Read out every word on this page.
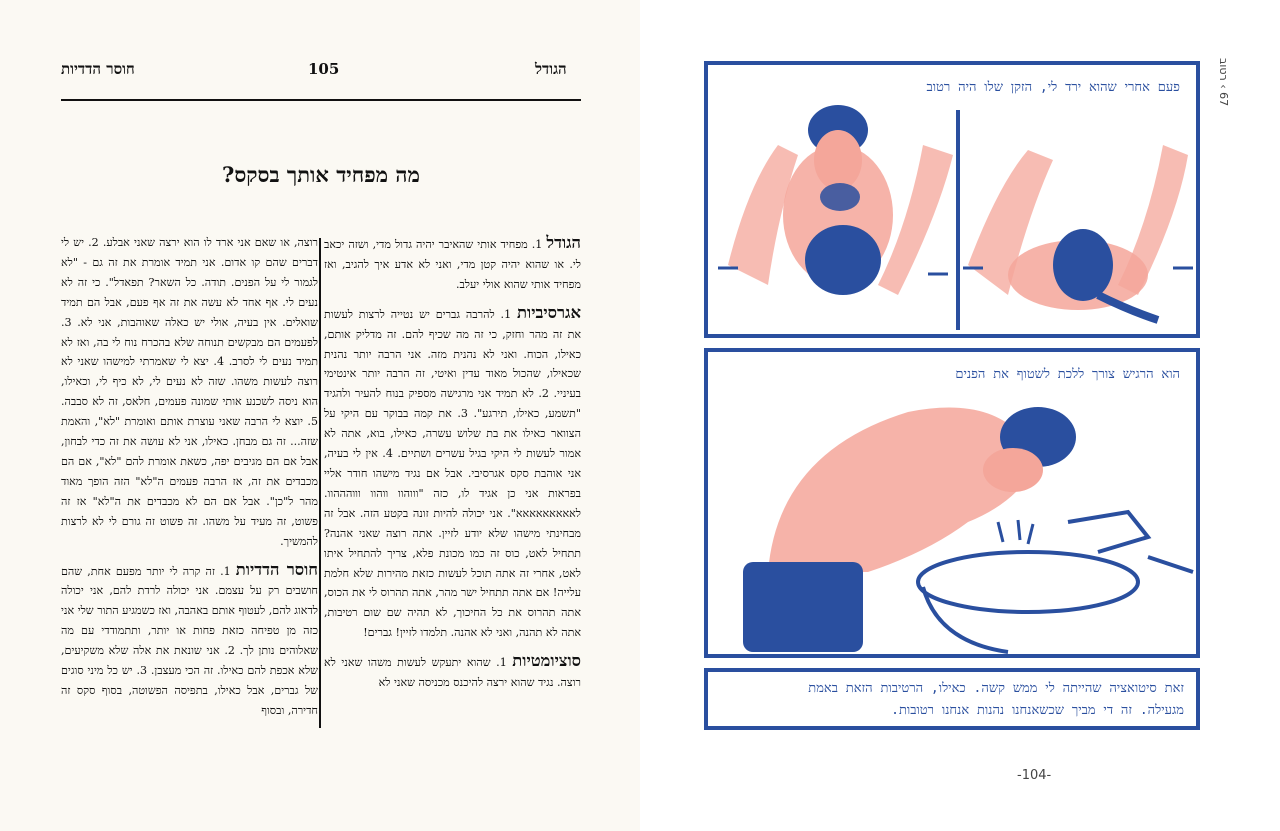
חוסר הדדיות	105	הגודל
מה מפחיד אותך בסקס?

הגודל 1. מפחיד אותי שהאיבר יהיה גדול מדי, ושזה יכאב לי. או שהוא יהיה קטן מדי, ואני לא אדע איך להגיב, ואז מפחיד אותי שהוא אולי יעלב.

אגרסיביות 1. להרבה גברים יש נטייה לרצות לעשות את זה מהר וחזק, כי זה מה שכיף להם. זה מדליק אותם, כאילו, הכוח. ואני לא נהנית מזה. אני הרבה יותר נהנית שכאילו, שהכול מאוד עדין ואיטי, זה הרבה יותר אינטימי בעיניי. 2. לא תמיד אני מרגישה מספיק בנוח להעיר ולהגיד "תשמע, כאילו, תירגע". 3. את קמה בבוקר עם היקי על הצוואר כאילו את בת שלוש עשרה, כאילו, בוא, אתה לא אמור לעשות לי היקי בגיל עשרים ושתיים. 4. אין לי בעיה, אני אוהבת סקס אגרסיבי. אבל אם נגיד מישהו חודר אליי בפראות אני כן אגיד לו, כזה "וווהוו ווהוו וווהההוו. לאאאאאאאאא". אני יכולה להיות זונה בקטע הזה. אבל זה מבחינתי מישהו שלא יודע לזיין. אתה רוצה שאני אהנה? תתחיל לאט, כוס זה כמו מכונת פלא, צריך להתחיל איתו לאט, אחרי זה אתה תוכל לעשות כזאת מהירות שלא חלמת עלייה! אם אתה תתחיל ישר מהר, אתה תהרוס לי את הכוס, אתה תהרוס את כל החיכוך, לא תהיה שם שום רטיבות, אתה לא תהנה, ואני לא אהנה. תלמדו לזיין! גברים!

סוציומטיות 1. שהוא יתעקש לעשות משהו שאני לא רוצה. נגיד שהוא ירצה להיכנס מכניסה שאני לא

רוצה, או שאם אני ארד לו הוא ירצה שאני אבלע. 2. יש לי דברים שהם קו אדום. אני תמיד אומרת את זה גם - "לא לגמור לי על הפנים. תודה. כל השאר? תפאדל". כי זה לא נעים לי. אף אחד לא עשה את זה אף פעם, אבל הם תמיד שואלים. אין בעיה, אולי יש כאלה שאוהבות, אני לא. 3. לפעמים הם מבקשים תנוחה שלא בהכרח נוח לי בה, ואז לא תמיד נעים לי לסרב. 4. יצא לי שאמרתי למישהו שאני לא רוצה לעשות משהו. שזה לא נעים לי, לא כיף לי, וכאילו, הוא ניסה לשכנע אותי שמונה פעמים, חלאס, זה לא סבבה. 5. יוצא לי הרבה שאני עוצרת אותם ואומרת "לא", והאמת שזה... זה גם מבחן. כאילו, אני לא עושה את זה כדי לבחון, אבל אם הם מגיבים יפה, כשאת אומרת להם "לא", אם הם מכבדים את זה, אז הרבה פעמים ה"לא" הזה הופך מאוד מהר ל"כן". אבל אם הם לא מכבדים את ה"לא" אז זה פשוט, זה מעיד על משהו. זה פשוט זה גורם לי לא לרצות להמשיך.

חוסר הדדיות 1. זה קרה לי יותר מפעם אחת, שהם חושבים רק על עצמם. אני יכולה לרדת להם, אני יכולה לדאוג להם, לעטוף אותם באהבה, ואז כשמגיע התור שלי אני כזה מן טפיחה כזאת פחות או יותר, ותתמודדי עם מה שאלוהים נותן לך. 2. אני שונאת את אלה שלא משקיעים, שלא אכפת להם כאילו. זה הכי מעצבן. 3. יש כל מיני סוגים של גברים, אבל כאילו, בתפיסה הפשוטה, בסוף סקס זה חדירה, ובסוף

67 › רטוב
פעם אחרי שהוא ירד לי, הזקן שלו היה רטוב
הוא הרגיש צורך ללכת לשטוף את הפנים
זאת סיטואציה שהייתה לי ממש קשה. כאילו, הרטיבות הזאת באמת
מגעילה. זה די מביך שכשאנחנו נהנות אנחנו רטובות.
-104-
